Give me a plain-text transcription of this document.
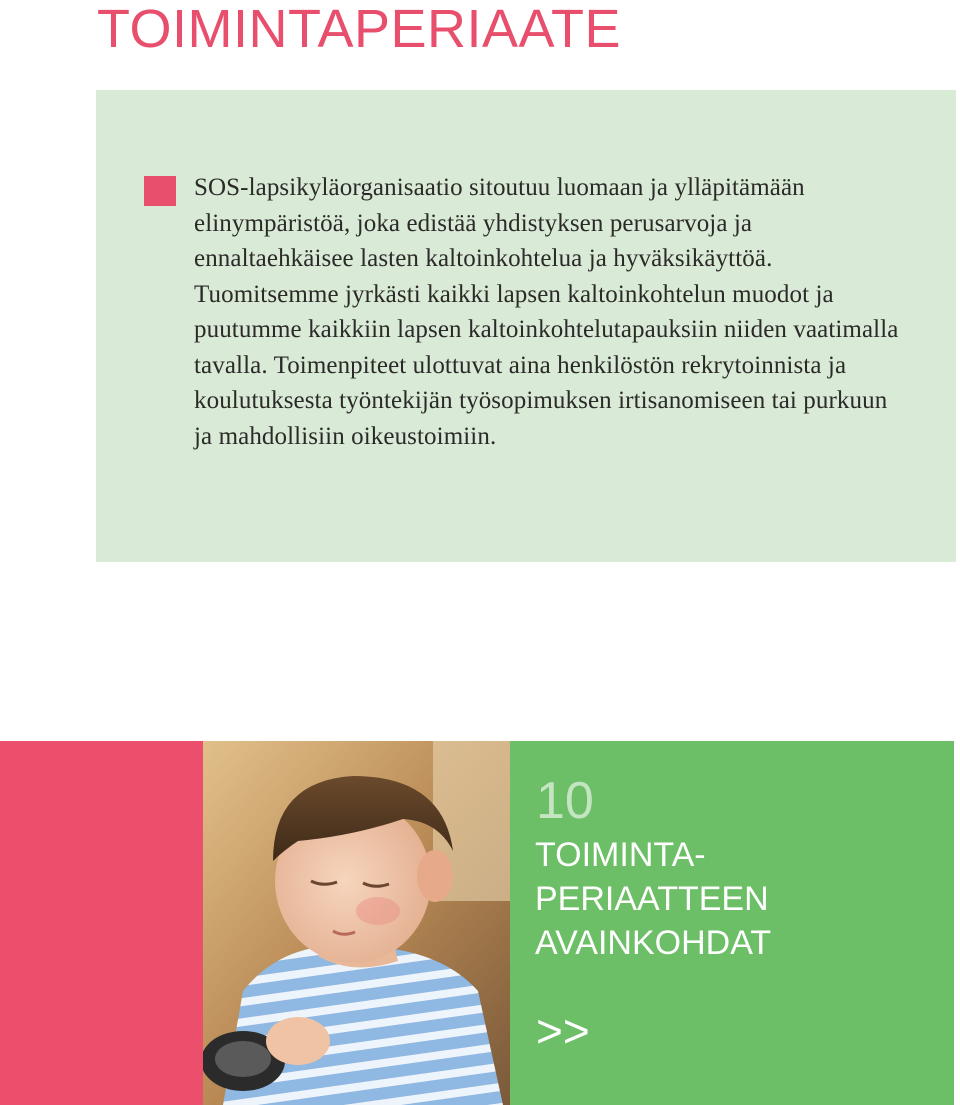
TOIMINTAPERIAATE

SOS-lapsikyläorganisaatio sitoutuu luomaan ja ylläpitämään elinympäristöä, joka edistää yhdistyksen perusarvoja ja ennaltaehkäisee lasten kaltoinkohtelua ja hyväksikäyttöä. Tuomitsemme jyrkästi kaikki lapsen kaltoinkohtelun muodot ja puutumme kaikkiin lapsen kaltoinkohtelutapauksiin niiden vaatimalla tavalla. Toimenpiteet ulottuvat aina henkilöstön rekrytoinnista ja koulutuksesta työntekijän työsopimuksen irtisanomiseen tai purkuun ja mahdollisiin oikeustoimiin.

10
TOIMINTA-
PERIAATTEEN
AVAINKOHDAT
>>
